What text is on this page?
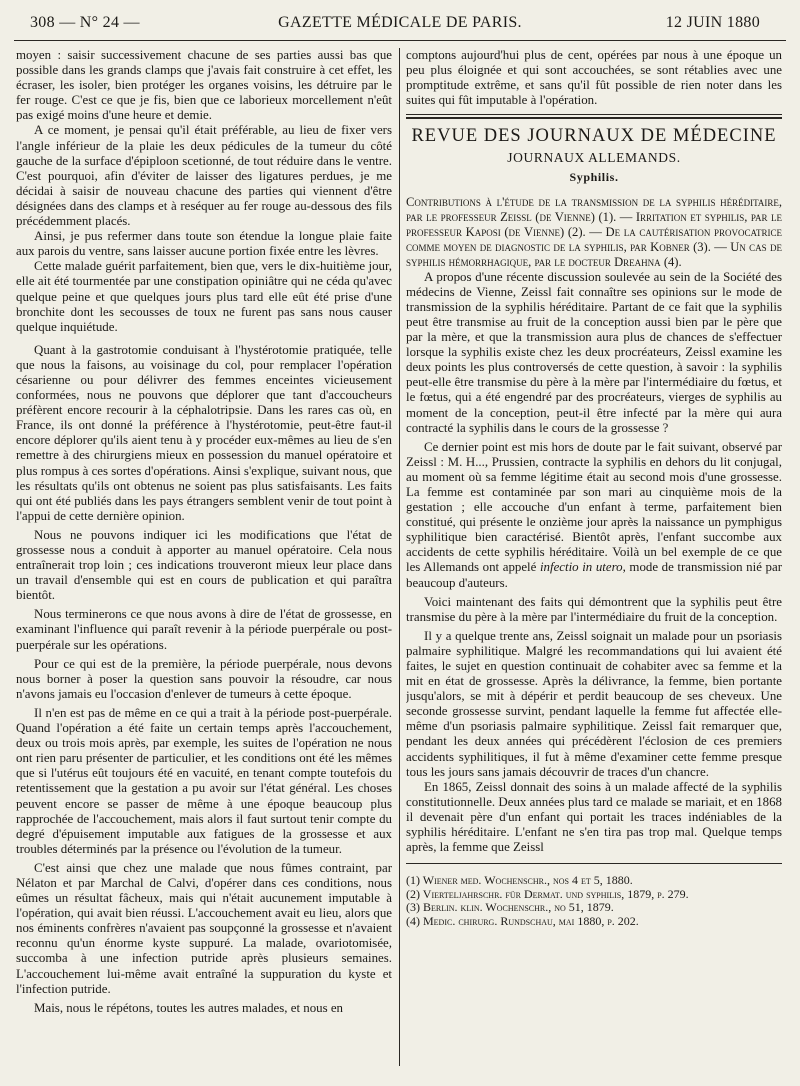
308 — N° 24 —	GAZETTE MÉDICALE DE PARIS.	12 JUIN 1880

moyen : saisir successivement chacune de ses parties aussi bas que possible dans les grands clamps que j'avais fait construire à cet effet, les écraser, les isoler, bien protéger les organes voisins, les détruire par le fer rouge. C'est ce que je fis, bien que ce laborieux morcellement n'eût pas exigé moins d'une heure et demie.

A ce moment, je pensai qu'il était préférable, au lieu de fixer vers l'angle inférieur de la plaie les deux pédicules de la tumeur du côté gauche de la surface d'épiploon scetionné, de tout réduire dans le ventre. C'est pourquoi, afin d'éviter de laisser des ligatures perdues, je me décidai à saisir de nouveau chacune des parties qui viennent d'être désignées dans des clamps et à reséquer au fer rouge au-dessous des fils précédemment placés.

Ainsi, je pus refermer dans toute son étendue la longue plaie faite aux parois du ventre, sans laisser aucune portion fixée entre les lèvres.

Cette malade guérit parfaitement, bien que, vers le dix-huitième jour, elle ait été tourmentée par une constipation opiniâtre qui ne céda qu'avec quelque peine et que quelques jours plus tard elle eût été prise d'une bronchite dont les secousses de toux ne furent pas sans nous causer quelque inquiétude.

Quant à la gastrotomie conduisant à l'hystérotomie pratiquée, telle que nous la faisons, au voisinage du col, pour remplacer l'opération césarienne ou pour délivrer des femmes enceintes vicieusement conformées, nous ne pouvons que déplorer que tant d'accoucheurs préfèrent encore recourir à la céphalotripsie. Dans les rares cas où, en France, ils ont donné la préférence à l'hystérotomie, peut-être faut-il encore déplorer qu'ils aient tenu à y procéder eux-mêmes au lieu de s'en remettre à des chirurgiens mieux en possession du manuel opératoire et plus rompus à ces sortes d'opérations. Ainsi s'explique, suivant nous, que les résultats qu'ils ont obtenus ne soient pas plus satisfaisants. Les faits qui ont été publiés dans les pays étrangers semblent venir de tout point à l'appui de cette dernière opinion.

Nous ne pouvons indiquer ici les modifications que l'état de grossesse nous a conduit à apporter au manuel opératoire. Cela nous entraînerait trop loin ; ces indications trouveront mieux leur place dans un travail d'ensemble qui est en cours de publication et qui paraîtra bientôt.

Nous terminerons ce que nous avons à dire de l'état de grossesse, en examinant l'influence qui paraît revenir à la période puerpérale ou post-puerpérale sur les opérations.

Pour ce qui est de la première, la période puerpérale, nous devons nous borner à poser la question sans pouvoir la résoudre, car nous n'avons jamais eu l'occasion d'enlever de tumeurs à cette époque.

Il n'en est pas de même en ce qui a trait à la période post-puerpérale. Quand l'opération a été faite un certain temps après l'accouchement, deux ou trois mois après, par exemple, les suites de l'opération ne nous ont rien paru présenter de particulier, et les conditions ont été les mêmes que si l'utérus eût toujours été en vacuité, en tenant compte toutefois du retentissement que la gestation a pu avoir sur l'état général. Les choses peuvent encore se passer de même à une époque beaucoup plus rapprochée de l'accouchement, mais alors il faut surtout tenir compte du degré d'épuisement imputable aux fatigues de la grossesse et aux troubles déterminés par la présence ou l'évolution de la tumeur.

C'est ainsi que chez une malade que nous fûmes contraint, par Nélaton et par Marchal de Calvi, d'opérer dans ces conditions, nous eûmes un résultat fâcheux, mais qui n'était aucunement imputable à l'opération, qui avait bien réussi. L'accouchement avait eu lieu, alors que nos éminents confrères n'avaient pas soupçonné la grossesse et n'avaient reconnu qu'un énorme kyste suppuré. La malade, ovariotomisée, succomba à une infection putride après plusieurs semaines. L'accouchement lui-même avait entraîné la suppuration du kyste et l'infection putride.

Mais, nous le répétons, toutes les autres malades, et nous en

comptons aujourd'hui plus de cent, opérées par nous à une époque un peu plus éloignée et qui sont accouchées, se sont rétablies avec une promptitude extrême, et sans qu'il fût possible de rien noter dans les suites qui fût imputable à l'opération.

REVUE DES JOURNAUX DE MÉDECINE
JOURNAUX ALLEMANDS.
Syphilis.

Contributions à l'étude de la transmission de la syphilis héréditaire, par le professeur Zeissl (de Vienne) (1). — Irritation et syphilis, par le professeur Kaposi (de Vienne) (2). — De la cautérisation provocatrice comme moyen de diagnostic de la syphilis, par Kobner (3). — Un cas de syphilis hémorrhagique, par le docteur Dreahna (4).

A propos d'une récente discussion soulevée au sein de la Société des médecins de Vienne, Zeissl fait connaître ses opinions sur le mode de transmission de la syphilis héréditaire. Partant de ce fait que la syphilis peut être transmise au fruit de la conception aussi bien par le père que par la mère, et que la transmission aura plus de chances de s'effectuer lorsque la syphilis existe chez les deux procréateurs, Zeissl examine les deux points les plus controversés de cette question, à savoir : la syphilis peut-elle être transmise du père à la mère par l'intermédiaire du fœtus, et le fœtus, qui a été engendré par des procréateurs, vierges de syphilis au moment de la conception, peut-il être infecté par la mère qui aura contracté la syphilis dans le cours de la grossesse ?

Ce dernier point est mis hors de doute par le fait suivant, observé par Zeissl : M. H..., Prussien, contracte la syphilis en dehors du lit conjugal, au moment où sa femme légitime était au second mois d'une grossesse. La femme est contaminée par son mari au cinquième mois de la gestation ; elle accouche d'un enfant à terme, parfaitement bien constitué, qui présente le onzième jour après la naissance un pymphigus syphilitique bien caractérisé. Bientôt après, l'enfant succombe aux accidents de cette syphilis héréditaire. Voilà un bel exemple de ce que les Allemands ont appelé infectio in utero, mode de transmission nié par beaucoup d'auteurs.

Voici maintenant des faits qui démontrent que la syphilis peut être transmise du père à la mère par l'intermédiaire du fruit de la conception.

Il y a quelque trente ans, Zeissl soignait un malade pour un psoriasis palmaire syphilitique. Malgré les recommandations qui lui avaient été faites, le sujet en question continuait de cohabiter avec sa femme et la mit en état de grossesse. Après la délivrance, la femme, bien portante jusqu'alors, se mit à dépérir et perdit beaucoup de ses cheveux. Une seconde grossesse survint, pendant laquelle la femme fut affectée elle-même d'un psoriasis palmaire syphilitique. Zeissl fait remarquer que, pendant les deux années qui précédèrent l'éclosion de ces premiers accidents syphilitiques, il fut à même d'examiner cette femme presque tous les jours sans jamais découvrir de traces d'un chancre.

En 1865, Zeissl donnait des soins à un malade affecté de la syphilis constitutionnelle. Deux années plus tard ce malade se mariait, et en 1868 il devenait père d'un enfant qui portait les traces indéniables de la syphilis héréditaire. L'enfant ne s'en tira pas trop mal. Quelque temps après, la femme que Zeissl

(1) Wiener med. Wochenschr., nos 4 et 5, 1880.
(2) Vierteljahrschr. für Dermat. und syphilis, 1879, p. 279.
(3) Berlin. klin. Wochenschr., no 51, 1879.
(4) Medic. chirurg. Rundschau, mai 1880, p. 202.
